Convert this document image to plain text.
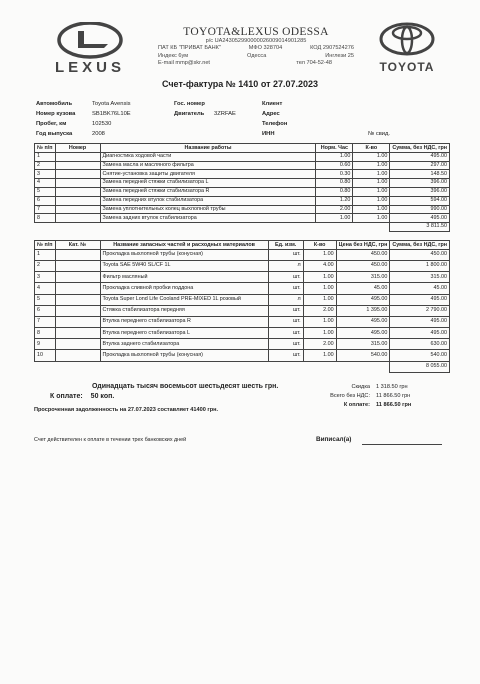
LEXUS	TOYOTA
TOYOTA&LEXUS ODESSA
р/с UA243052990000026009014901285
ПАТ КБ "ПРИВАТ БАНК"	МФО 328704	КОД 2907524276
Индекс 6ум	Одесса	Инглези 25
E-mail mmp@skr.net	тел 704-52-48
Счет-фактура № 1410 от 27.07.2023
Автомобиль	Toyota Avensis	Гос. номер	Клиент
Номер кузова	SB1BK76L10E	Двигатель	3ZRFAE	Адрес
Пробег, км	102530	Телефон
Год выпуска	2008	ИНН	№ свид.
№ п/п	Номер	Название работы	Норм. Час	К-во	Сумма, без НДС, грн
1		Диагностика ходовой части	1.00	1.00	495.00
2		Замена масла и масляного фильтра	0.60	1.00	297.00
3		Снятие-установка защиты двигателя	0.30	1.00	148.50
4		Замена передней стяжки стабилизатора L	0.80	1.00	396.00
5		Замена передней стяжки стабилизатора R	0.80	1.00	396.00
6		Замена передних втулок стабилизатора	1.20	1.00	594.00
7		Замена уплотнительных колец выхлопной трубы	2.00	1.00	990.00
8		Замена задних втулок стабилизатора	1.00	1.00	495.00
					3 811.50
№ п/п	Кат. №	Название запасных частей и расходных материалов	Ед. изм.	К-во	Цена без НДС, грн	Сумма, без НДС, грн
1		Прокладка выхлопной трубы (конусная)	шт.	1.00	450.00	450.00
2		Toyota SAE 5W40 SL/CF 1L	л	4.00	450.00	1 800.00
3		Фильтр масляный	шт.	1.00	315.00	315.00
4		Прокладка сливной пробки поддона	шт.	1.00	45.00	45.00
5		Toyota Super Lond Life Cooland PRE-MIXED 1L розовый	л	1.00	495.00	495.00
6		Стяжка стабилизатора передняя	шт.	2.00	1 395.00	2 790.00
7		Втулка переднего стабилизатора R	шт.	1.00	495.00	495.00
8		Втулка переднего стабилизатора L	шт.	1.00	495.00	495.00
9		Втулка заднего стабилизатора	шт.	2.00	315.00	630.00
10		Прокладка выхлопной трубы (конусная)	шт.	1.00	540.00	540.00
						8 055.00
Одинадцать тысяч восемьсот шестьдесят шесть грн.
К оплате: 50 коп.
Скидка	1 318.50 грн
Всего без НДС:	11 866.50 грн
К оплате:	11 866.50 грн
Просроченная задолженность на 27.07.2023 составляет 41400 грн.
Счет действителен к оплате в течении трех банковских дней	Виписал(а)
